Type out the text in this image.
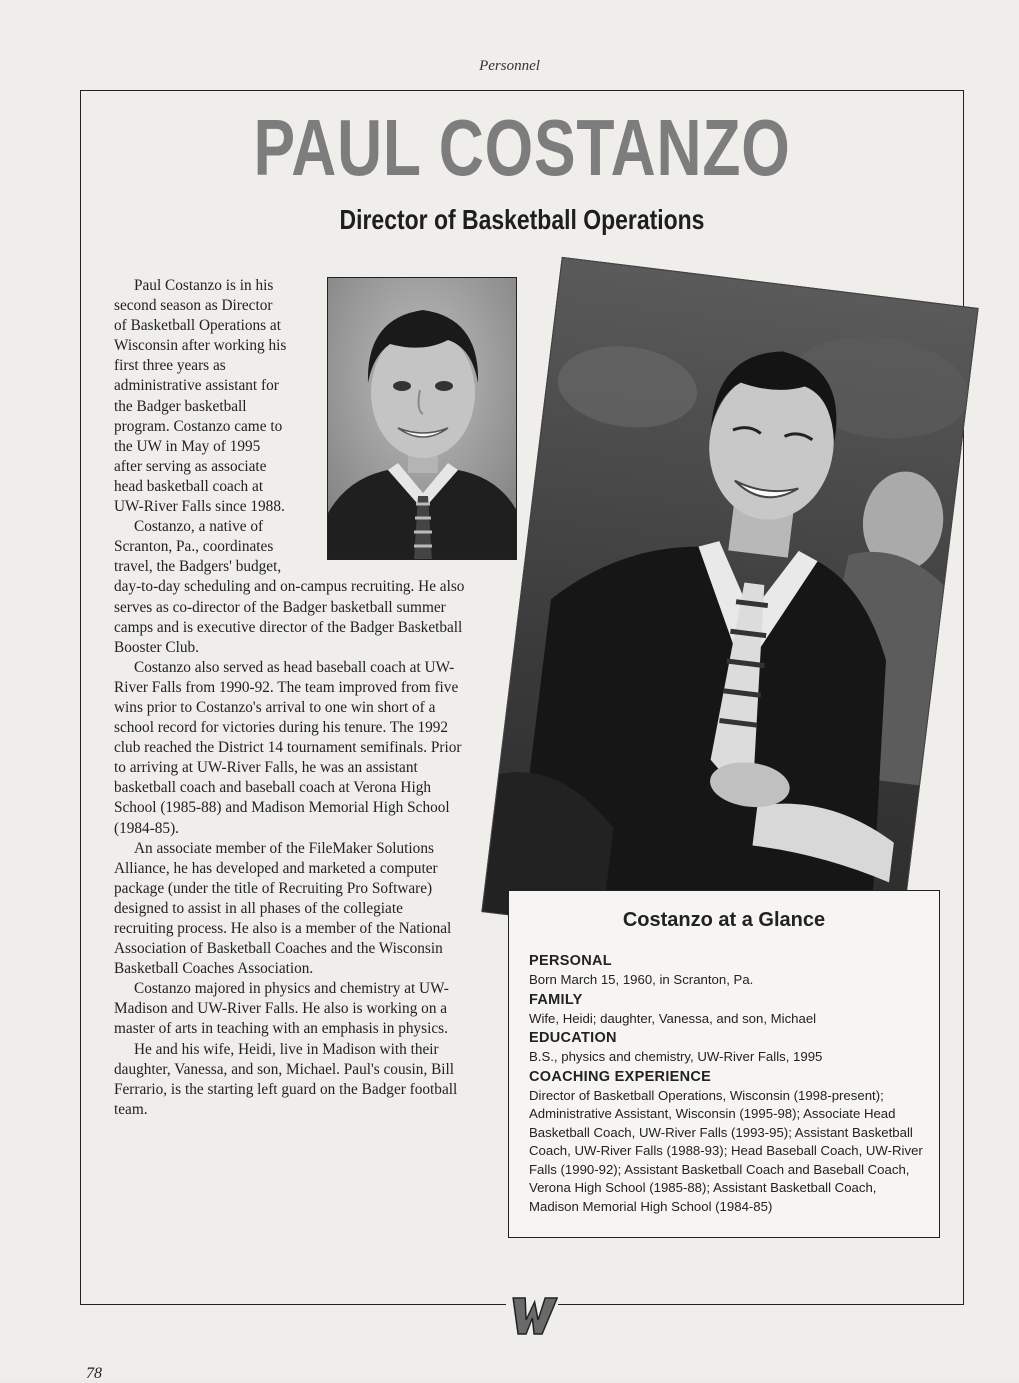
Personnel
PAUL COSTANZO
Director of Basketball Operations

Paul Costanzo is in his second season as Director of Basketball Operations at Wisconsin after working his first three years as administrative assistant for the Badger basketball program. Costanzo came to the UW in May of 1995 after serving as associate head basketball coach at UW-River Falls since 1988.

Costanzo, a native of Scranton, Pa., coordinates travel, the Badgers' budget, day-to-day scheduling and on-campus recruiting. He also serves as co-director of the Badger basketball summer camps and is executive director of the Badger Basketball Booster Club.

Costanzo also served as head baseball coach at UW-River Falls from 1990-92. The team improved from five wins prior to Costanzo's arrival to one win short of a school record for victories during his tenure. The 1992 club reached the District 14 tournament semifinals. Prior to arriving at UW-River Falls, he was an assistant basketball coach and baseball coach at Verona High School (1985-88) and Madison Memorial High School (1984-85).

An associate member of the FileMaker Solutions Alliance, he has developed and marketed a computer package (under the title of Recruiting Pro Software) designed to assist in all phases of the collegiate recruiting process. He also is a member of the National Association of Basketball Coaches and the Wisconsin Basketball Coaches Association.

Costanzo majored in physics and chemistry at UW-Madison and UW-River Falls. He also is working on a master of arts in teaching with an emphasis in physics.

He and his wife, Heidi, live in Madison with their daughter, Vanessa, and son, Michael. Paul's cousin, Bill Ferrario, is the starting left guard on the Badger football team.

Costanzo at a Glance
PERSONAL
Born March 15, 1960, in Scranton, Pa.
FAMILY
Wife, Heidi; daughter, Vanessa, and son, Michael
EDUCATION
B.S., physics and chemistry, UW-River Falls, 1995
COACHING EXPERIENCE
Director of Basketball Operations, Wisconsin (1998-present); Administrative Assistant, Wisconsin (1995-98); Associate Head Basketball Coach, UW-River Falls (1993-95); Assistant Basketball Coach, UW-River Falls (1988-93); Head Baseball Coach, UW-River Falls (1990-92); Assistant Basketball Coach and Baseball Coach, Verona High School (1985-88); Assistant Basketball Coach, Madison Memorial High School (1984-85)
78
